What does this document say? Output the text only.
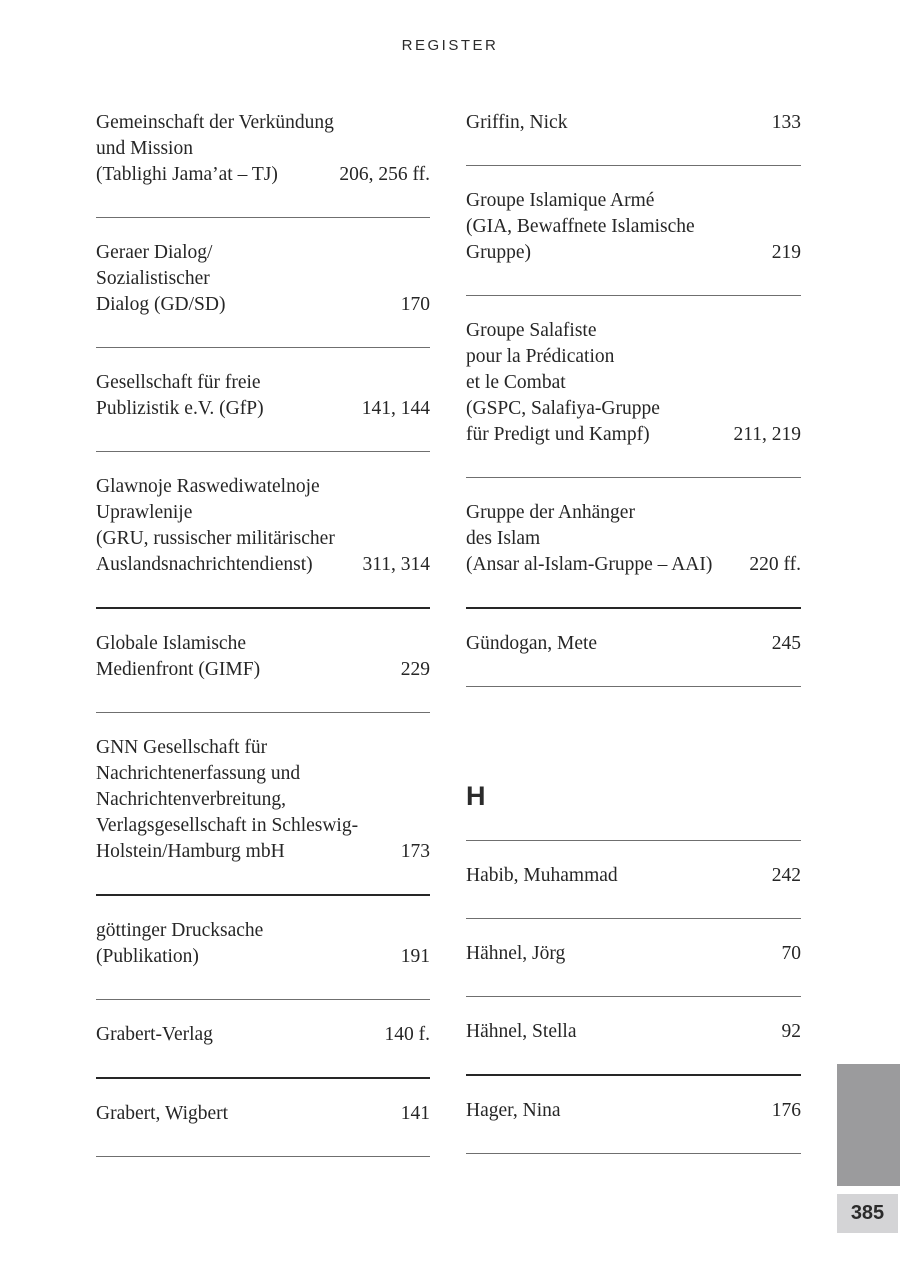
REGISTER
Gemeinschaft der Verkündung
und Mission
(Tablighi Jama’at – TJ)	206, 256 ff.
Geraer Dialog/
Sozialistischer
Dialog (GD/SD)	170
Gesellschaft für freie
Publizistik e.V. (GfP)	141, 144
Glawnoje Raswediwatelnoje
Uprawlenije
(GRU, russischer militärischer
Auslandsnachrichtendienst)	311, 314
Globale Islamische
Medienfront (GIMF)	229
GNN Gesellschaft für
Nachrichtenerfassung und
Nachrichtenverbreitung,
Verlagsgesellschaft in Schleswig-
Holstein/Hamburg mbH	173
göttinger Drucksache
(Publikation)	191
Grabert-Verlag	140 f.
Grabert, Wigbert	141
Griffin, Nick	133
Groupe Islamique Armé
(GIA, Bewaffnete Islamische
Gruppe)	219
Groupe Salafiste
pour la Prédication
et le Combat
(GSPC, Salafiya-Gruppe
für Predigt und Kampf)	211, 219
Gruppe der Anhänger
des Islam
(Ansar al-Islam-Gruppe – AAI) 220 ff.
Gündogan, Mete	245
H
Habib, Muhammad	242
Hähnel, Jörg	70
Hähnel, Stella	92
Hager, Nina	176
385
